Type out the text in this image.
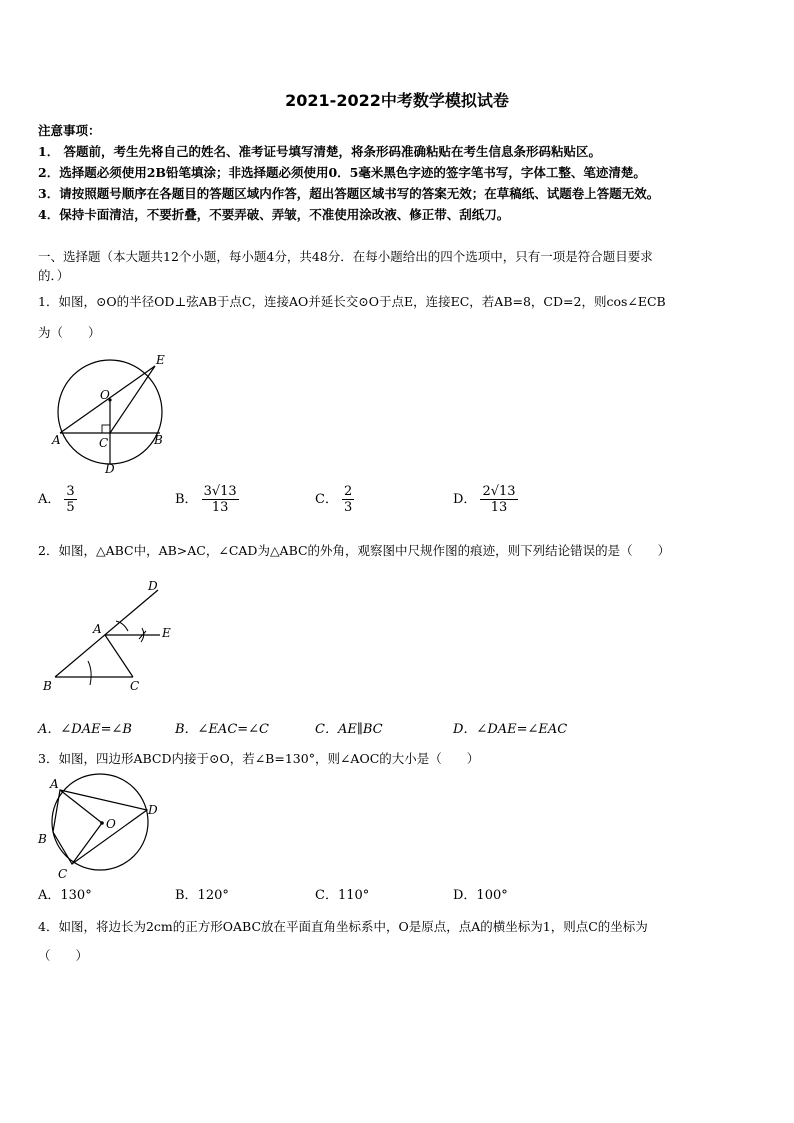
2021-2022中考数学模拟试卷
注意事项：
1． 答题前，考生先将自己的姓名、准考证号填写清楚，将条形码准确粘贴在考生信息条形码粘贴区。
2．选择题必须使用2B铅笔填涂；非选择题必须使用0．5毫米黑色字迹的签字笔书写，字体工整、笔迹清楚。
3．请按照题号顺序在各题目的答题区域内作答，超出答题区域书写的答案无效；在草稿纸、试题卷上答题无效。
4．保持卡面清洁，不要折叠，不要弄破、弄皱，不准使用涂改液、修正带、刮纸刀。
一、选择题（本大题共12个小题，每小题4分，共48分．在每小题给出的四个选项中，只有一项是符合题目要求
的．）
1．如图，⊙O的半径OD⊥弦AB于点C，连接AO并延长交⊙O于点E，连接EC，若AB=8，CD=2，则cos∠ECB
为（　　）
O
E
A	B
C
D
A． $\frac{3}{5}$	B． $\frac{3√13}{13}$	C． $\frac{2}{3}$	D． $\frac{2√13}{13}$
2．如图，△ABC中，AB>AC，∠CAD为△ABC的外角，观察图中尺规作图的痕迹，则下列结论错误的是（　　）
D
A	E
B	C
A．∠DAE=∠B	B．∠EAC=∠C	C．AE∥BC	D．∠DAE=∠EAC
3．如图，四边形ABCD内接于⊙O，若∠B=130°，则∠AOC的大小是（　　）
A
D
O
B
C
A．130°	B．120°	C．110°	D．100°
4．如图，将边长为2cm的正方形OABC放在平面直角坐标系中，O是原点，点A的横坐标为1，则点C的坐标为
（　　）
